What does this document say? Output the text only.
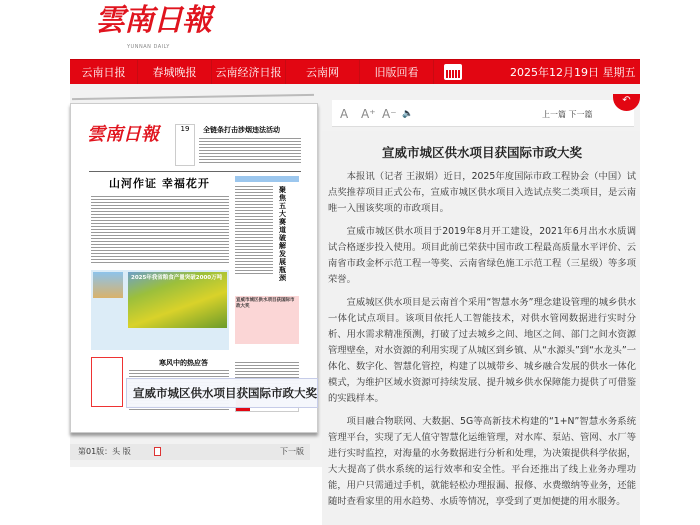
雲南日報
YUNNAN DAILY
云南日报	春城晚报	云南经济日报	云南网	旧版回看	2025年12月19日 星期五
雲南日報	19	全链条打击涉烟违法活动
山河作证 幸福花开	聚焦五大赛道 破解发展瓶颈
2025年我省粮食产量突破2000万吨
寒风中的热应答
宣威市城区供水项目获国际市政大奖
第01版：头 版	下一版
A A⁺ A⁻ 🔈	上一篇 下一篇
↶
宣威市城区供水项目获国际市政大奖

本报讯（记者 王淑娟）近日，2025年度国际市政工程协会（中国）试点奖推荐项目正式公布，宣威市城区供水项目入选试点奖二类项目，是云南唯一入围该奖项的市政项目。

宣威市城区供水项目于2019年8月开工建设，2021年6月出水水质调试合格逐步投入使用。项目此前已荣获中国市政工程最高质量水平评价、云南省市政金杯示范工程一等奖、云南省绿色施工示范工程（三星级）等多项荣誉。

宣威城区供水项目是云南首个采用“智慧水务”理念建设管理的城乡供水一体化试点项目。该项目依托人工智能技术，对供水管网数据进行实时分析、用水需求精准预测，打破了过去城乡之间、地区之间、部门之间水资源管理壁垒，对水资源的利用实现了从城区到乡镇、从“水源头”到“水龙头”一体化、数字化、智慧化管控，构建了以城带乡、城乡融合发展的供水一体化模式，为维护区域水资源可持续发展、提升城乡供水保障能力提供了可借鉴的实践样本。

项目融合物联网、大数据、5G等高新技术构建的“1+N”智慧水务系统管理平台，实现了无人值守智慧化运维管理，对水库、泵站、管网、水厂等进行实时监控，对海量的水务数据进行分析和处理，为决策提供科学依据，大大提高了供水系统的运行效率和安全性。平台还推出了线上业务办理功能，用户只需通过手机，就能轻松办理报漏、报修、水费缴纳等业务，还能随时查看家里的用水趋势、水质等情况，享受到了更加便捷的用水服务。

宣威市城区供水项目获国际市政大奖
